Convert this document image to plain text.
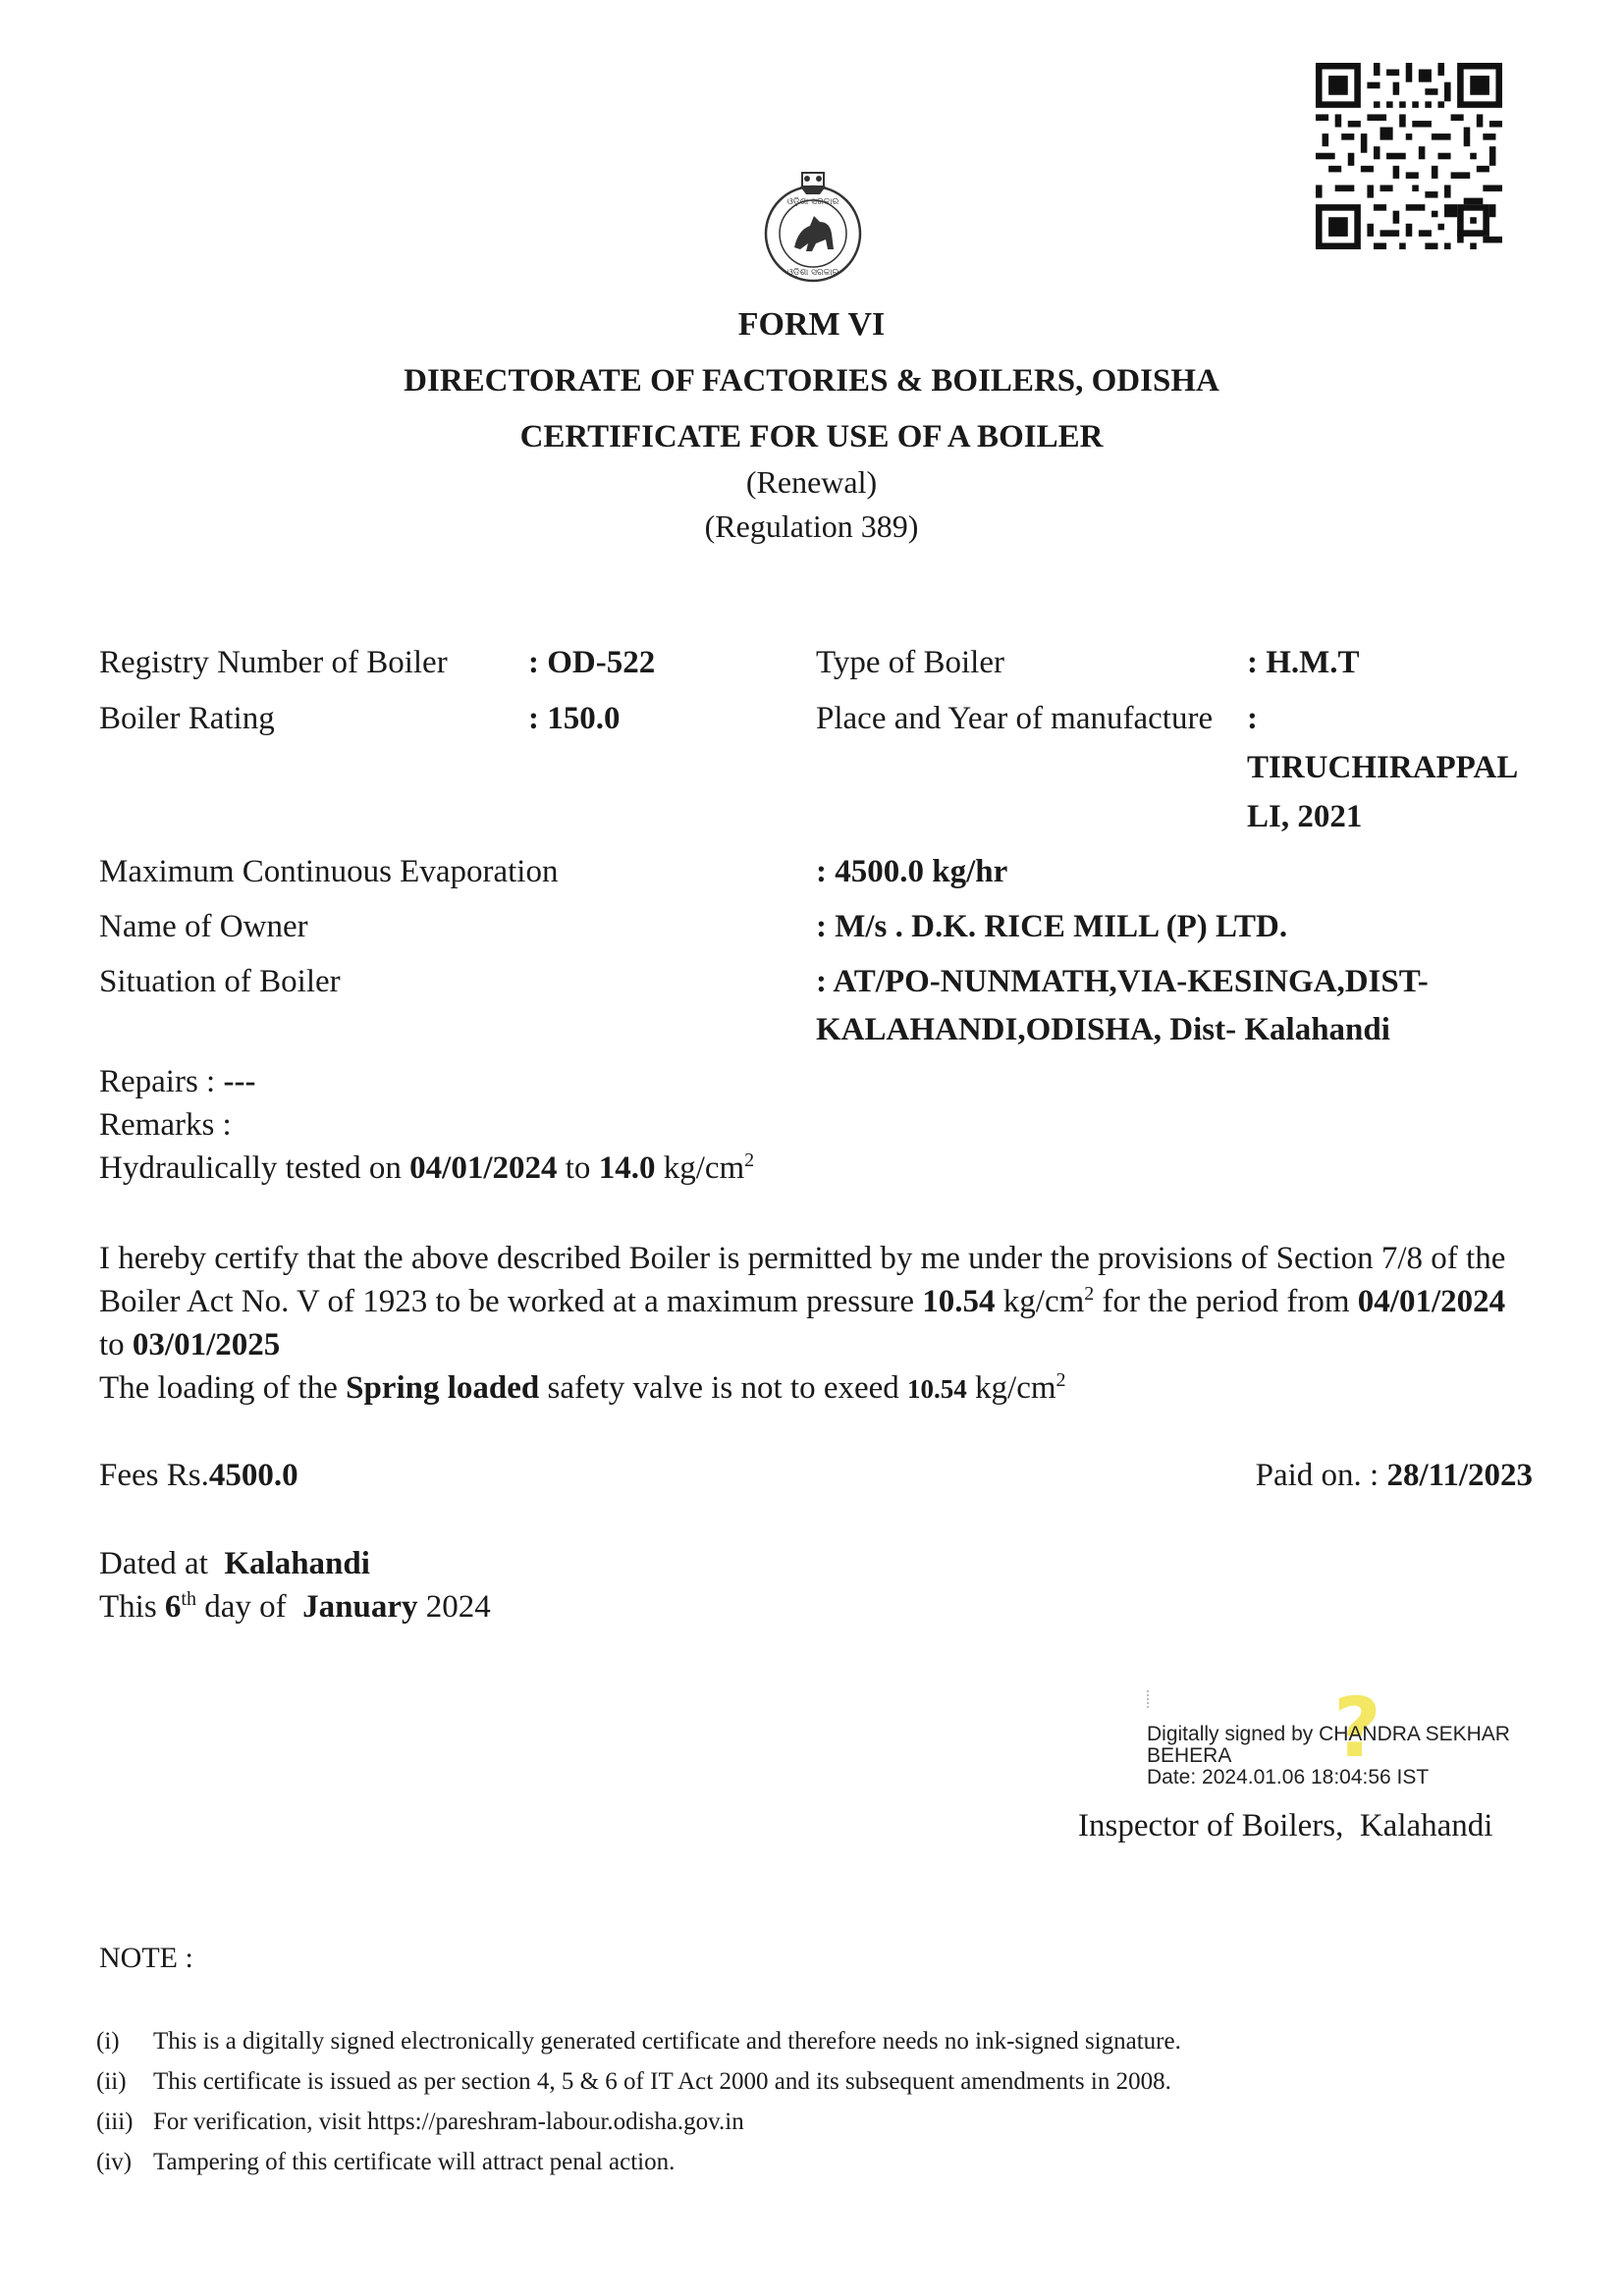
ଓଡ଼ିଶା ସରକାର
ଓଡ଼ିଶା ସରକାର
FORM VI
DIRECTORATE OF FACTORIES & BOILERS, ODISHA
CERTIFICATE FOR USE OF A BOILER
(Renewal)
(Regulation 389)
Registry Number of Boiler : OD-522	Type of Boiler	: H.M.T
Boiler Rating	: 150.0	Place and Year of manufacture :
TIRUCHIRAPPAL
LI, 2021
Maximum Continuous Evaporation	: 4500.0 kg/hr
Name of Owner	: M/s . D.K. RICE MILL (P) LTD.
Situation of Boiler	: AT/PO-NUNMATH,VIA-KESINGA,DIST-
KALAHANDI,ODISHA, Dist- Kalahandi
Repairs : ---
Remarks :
Hydraulically tested on 04/01/2024 to 14.0 $kg/cm^2$
I hereby certify that the above described Boiler is permitted by me under the provisions of Section 7/8 of the
Boiler Act No. V of 1923 to be worked at a maximum pressure 10.54 $kg/cm^2$ for the period from 04/01/2024
to 03/01/2025
The loading of the Spring loaded safety valve is not to exeed 10.54 $kg/cm^2$
Fees Rs.4500.0	Paid on. : 28/11/2023
Dated at  Kalahandi
This 6th day of  January 2024
?
Digitally signed by CHANDRA SEKHAR
BEHERA
Date: 2024.01.06 18:04:56 IST
Inspector of Boilers,  Kalahandi
NOTE :
(i) This is a digitally signed electronically generated certificate and therefore needs no ink-signed signature.
(ii) This certificate is issued as per section 4, 5 & 6 of IT Act 2000 and its subsequent amendments in 2008.
(iii) For verification, visit https://pareshram-labour.odisha.gov.in
(iv) Tampering of this certificate will attract penal action.
